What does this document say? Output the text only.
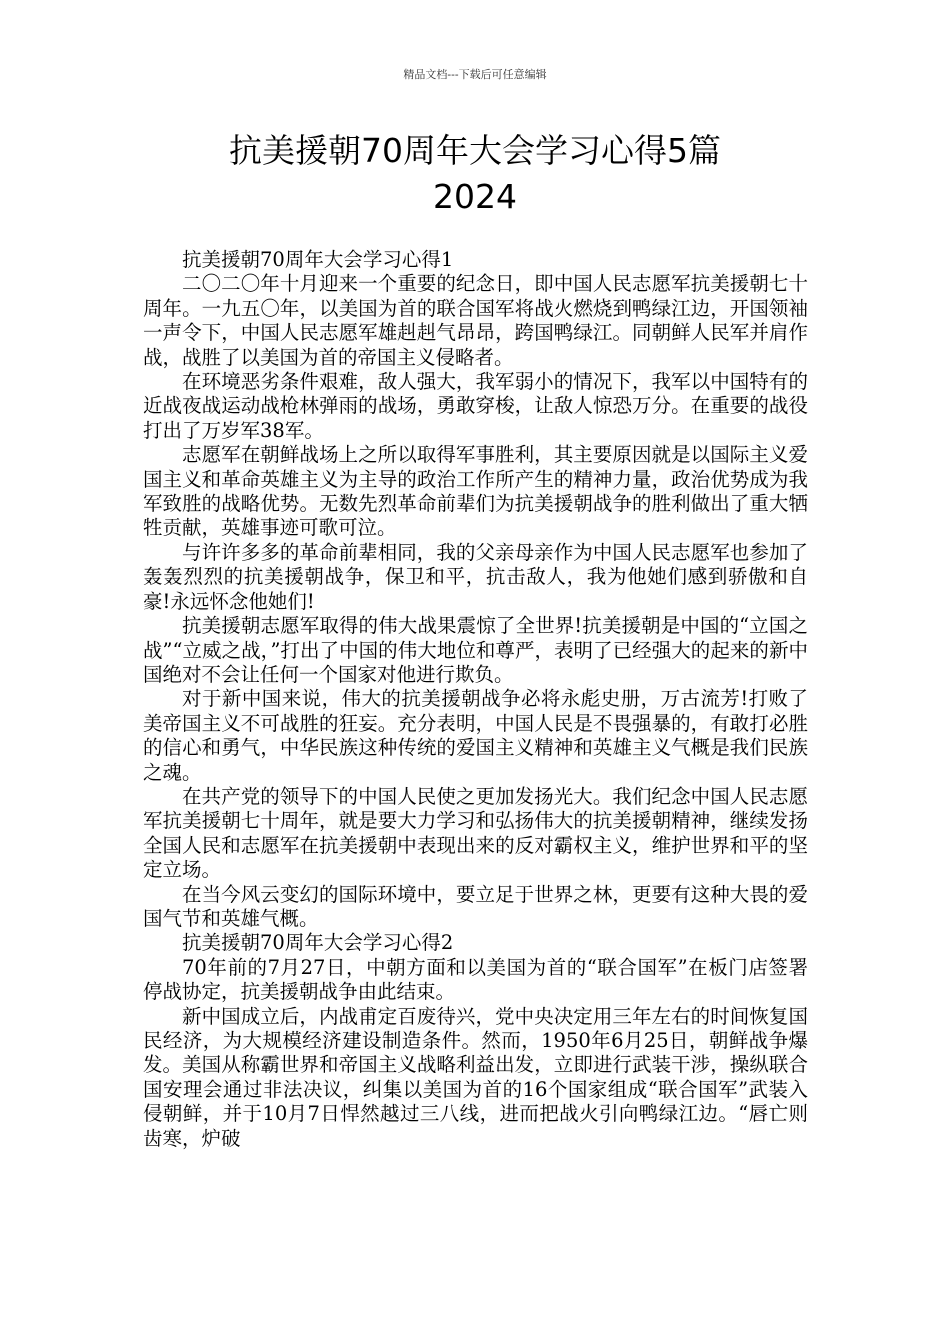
精品文档---下载后可任意编辑
抗美援朝70周年大会学习心得5篇
2024

抗美援朝70周年大会学习心得1

二〇二〇年十月迎来一个重要的纪念日，即中国人民志愿军抗美援朝七十周年。一九五〇年，以美国为首的联合国军将战火燃烧到鸭绿江边，开国领袖一声令下，中国人民志愿军雄赳赳气昂昂，跨国鸭绿江。同朝鲜人民军并肩作战，战胜了以美国为首的帝国主义侵略者。

在环境恶劣条件艰难，敌人强大，我军弱小的情况下，我军以中国特有的近战夜战运动战枪林弹雨的战场，勇敢穿梭，让敌人惊恐万分。在重要的战役打出了万岁军38军。

志愿军在朝鲜战场上之所以取得军事胜利，其主要原因就是以国际主义爱国主义和革命英雄主义为主导的政治工作所产生的精神力量，政治优势成为我军致胜的战略优势。无数先烈革命前辈们为抗美援朝战争的胜利做出了重大牺牲贡献，英雄事迹可歌可泣。

与许许多多的革命前辈相同，我的父亲母亲作为中国人民志愿军也参加了轰轰烈烈的抗美援朝战争，保卫和平，抗击敌人，我为他她们感到骄傲和自豪!永远怀念他她们!

抗美援朝志愿军取得的伟大战果震惊了全世界!抗美援朝是中国的“立国之战”“立威之战，”打出了中国的伟大地位和尊严，表明了已经强大的起来的新中国绝对不会让任何一个国家对他进行欺负。

对于新中国来说，伟大的抗美援朝战争必将永彪史册，万古流芳!打败了美帝国主义不可战胜的狂妄。充分表明，中国人民是不畏强暴的，有敢打必胜的信心和勇气，中华民族这种传统的爱国主义精神和英雄主义气概是我们民族之魂。

在共产党的领导下的中国人民使之更加发扬光大。我们纪念中国人民志愿军抗美援朝七十周年，就是要大力学习和弘扬伟大的抗美援朝精神，继续发扬全国人民和志愿军在抗美援朝中表现出来的反对霸权主义，维护世界和平的坚定立场。

在当今风云变幻的国际环境中，要立足于世界之林，更要有这种大畏的爱国气节和英雄气概。

抗美援朝70周年大会学习心得2

70年前的7月27日，中朝方面和以美国为首的“联合国军”在板门店签署停战协定，抗美援朝战争由此结束。

新中国成立后，内战甫定百废待兴，党中央决定用三年左右的时间恢复国民经济，为大规模经济建设制造条件。然而，1950年6月25日，朝鲜战争爆发。美国从称霸世界和帝国主义战略利益出发，立即进行武装干涉，操纵联合国安理会通过非法决议，纠集以美国为首的16个国家组成“联合国军”武装入侵朝鲜，并于10月7日悍然越过三八线，进而把战火引向鸭绿江边。“唇亡则齿寒，炉破
